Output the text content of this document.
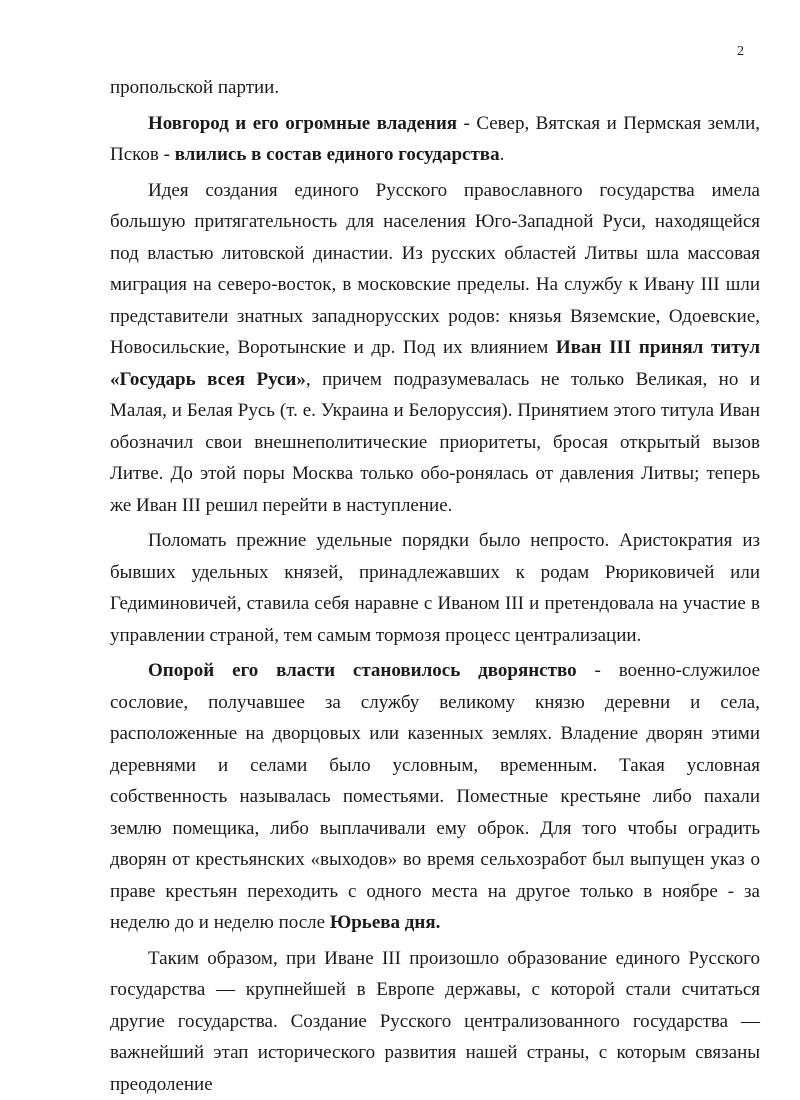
2

пропольской партии.

Новгород и его огромные владения - Север, Вятская и Пермская земли, Псков - влились в состав единого государства.

Идея создания единого Русского православного государства имела большую притягательность для населения Юго-Западной Руси, находящейся под властью литовской династии. Из русских областей Литвы шла массовая миграция на северо-восток, в московские пределы. На службу к Ивану III шли представители знатных западнорусских родов: князья Вяземские, Одоевские, Новосильские, Воротынские и др. Под их влиянием Иван III принял титул «Государь всея Руси», причем подразумевалась не только Великая, но и Малая, и Белая Русь (т. е. Украина и Белоруссия). Принятием этого титула Иван обозначил свои внешнеполитические приоритеты, бросая открытый вызов Литве. До этой поры Москва только обо-ронялась от давления Литвы; теперь же Иван III решил перейти в наступление.

Поломать прежние удельные порядки было непросто. Аристократия из бывших удельных князей, принадлежавших к родам Рюриковичей или Гедиминовичей, ставила себя наравне с Иваном III и претендовала на участие в управлении страной, тем самым тормозя процесс централизации.

Опорой его власти становилось дворянство - военно-служилое сословие, получавшее за службу великому князю деревни и села, расположенные на дворцовых или казенных землях. Владение дворян этими деревнями и селами было условным, временным. Такая условная собственность называлась поместьями. Поместные крестьяне либо пахали землю помещика, либо выплачивали ему оброк. Для того чтобы оградить дворян от крестьянских «выходов» во время сельхозработ был выпущен указ о праве крестьян переходить с одного места на другое только в ноябре - за неделю до и неделю после Юрьева дня.

Таким образом, при Иване III произошло образование единого Русского государства — крупнейшей в Европе державы, с которой стали считаться другие государства. Создание Русского централизованного государства — важнейший этап исторического развития нашей страны, с которым связаны преодоление
